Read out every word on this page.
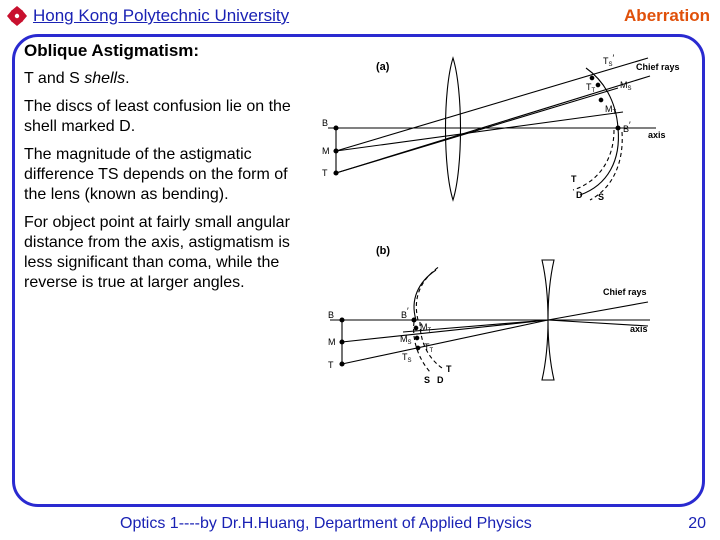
Hong Kong Polytechnic University	Aberration

Oblique Astigmatism:

T and S shells.

The discs of least confusion lie on the shell marked D.

The magnitude of the astigmatic difference TS depends on the form of the lens (known as bending).

For object point at fairly small angular distance from the axis, astigmatism is less significant than coma, while the reverse is true at larger angles.

(a)	Chief rays
axis
B
M
T
$T_S'$
$T_T$
$M_S$
$M_T$
B′
T
D S
(b)
Chief rays
axis
B
M
T
B′
$M_T$
$M_S$
$T_S$
$T_T$
S D
T
Optics 1----by Dr.H.Huang, Department of Applied Physics	20
